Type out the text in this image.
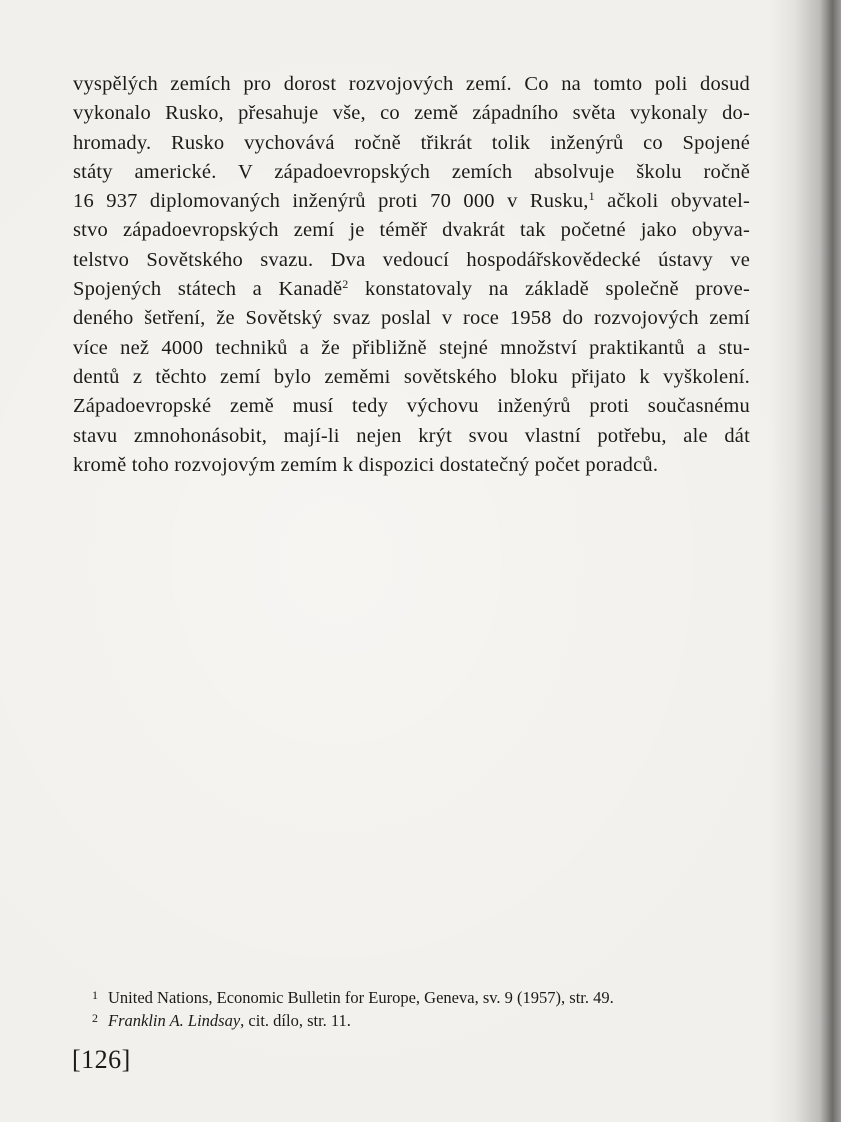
vyspělých zemích pro dorost rozvojových zemí. Co na tomto poli dosud
vykonalo Rusko, přesahuje vše, co země západního světa vykonaly do-
hromady. Rusko vychovává ročně třikrát tolik inženýrů co Spojené
státy americké. V západoevropských zemích absolvuje školu ročně
16 937 diplomovaných inženýrů proti 70 000 v Rusku,$^1$ ačkoli obyvatel-
stvo západoevropských zemí je téměř dvakrát tak početné jako obyva-
telstvo Sovětského svazu. Dva vedoucí hospodářskovědecké ústavy ve
Spojených státech a Kanadě$^2$ konstatovaly na základě společně prove-
deného šetření, že Sovětský svaz poslal v roce 1958 do rozvojových zemí
více než 4000 techniků a že přibližně stejné množství praktikantů a stu-
dentů z těchto zemí bylo zeměmi sovětského bloku přijato k vyškolení.
Západoevropské země musí tedy výchovu inženýrů proti současnému
stavu zmnohonásobit, mají-li nejen krýt svou vlastní potřebu, ale dát
kromě toho rozvojovým zemím k dispozici dostatečný počet poradců.
1 United Nations, Economic Bulletin for Europe, Geneva, sv. 9 (1957), str. 49.
2 Franklin A. Lindsay, cit. dílo, str. 11.
[126]
